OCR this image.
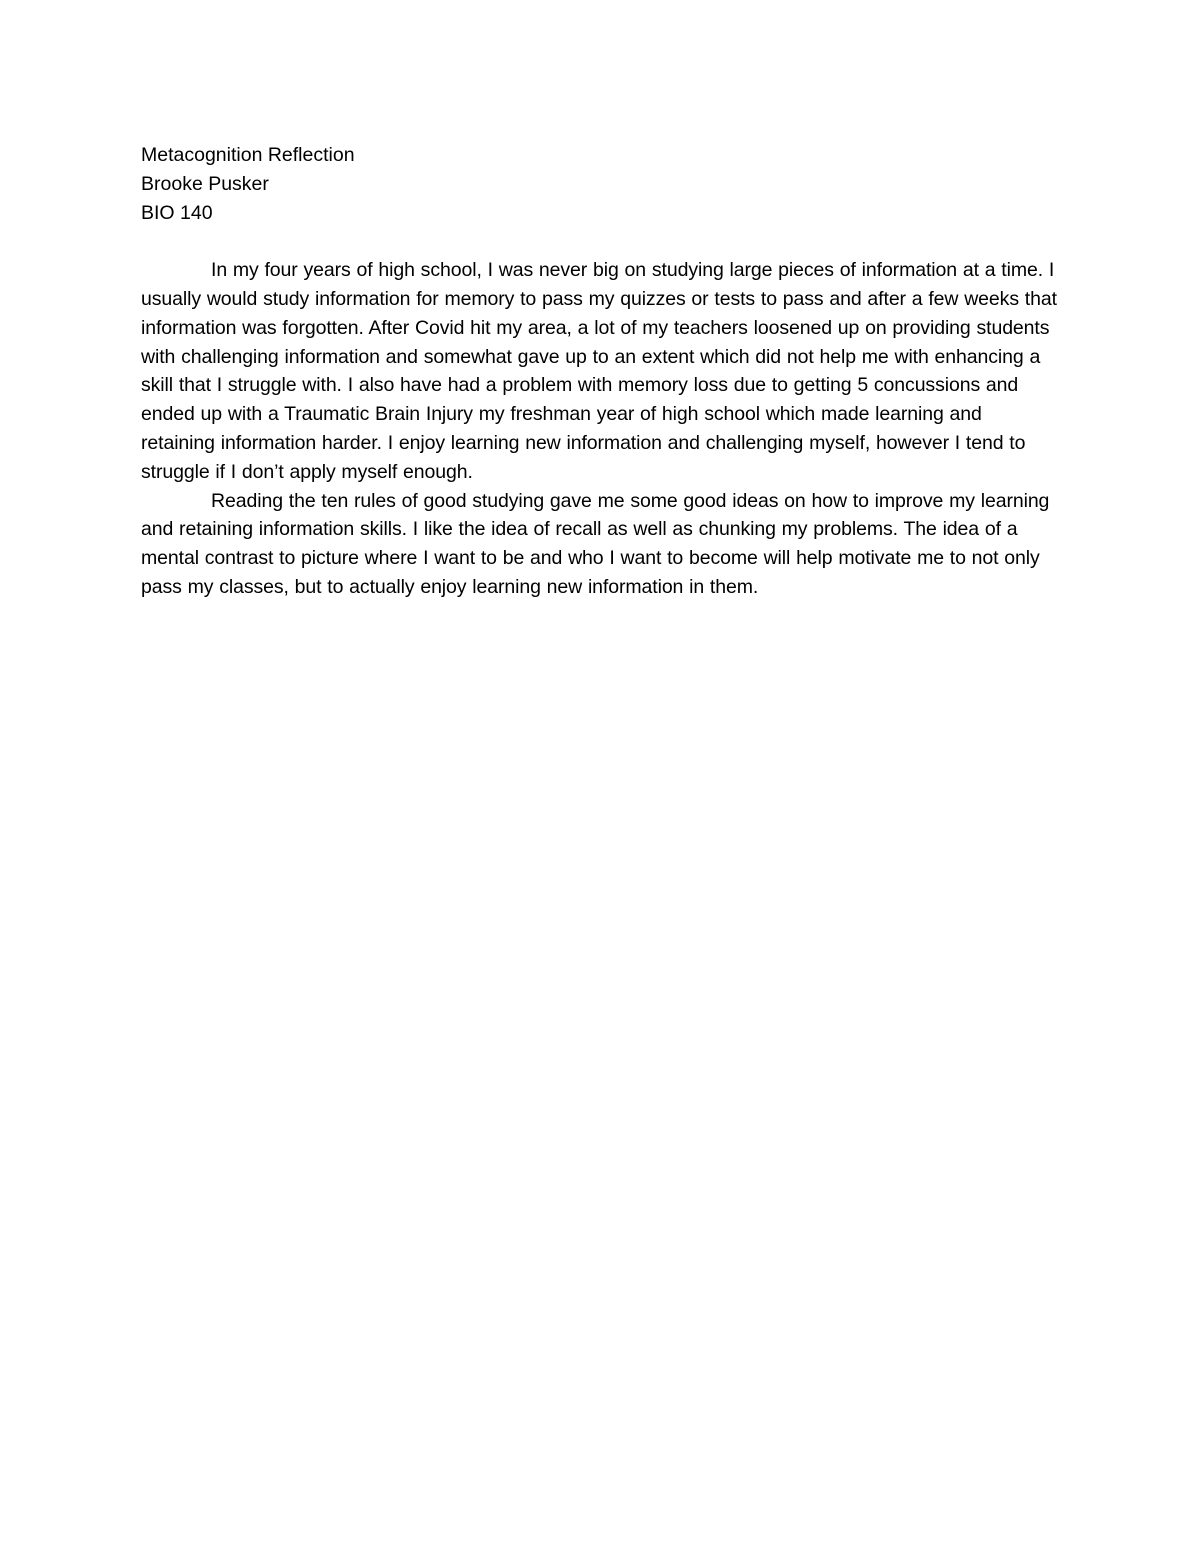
Metacognition Reflection

Brooke Pusker

BIO 140

In my four years of high school, I was never big on studying large pieces of information at a time. I usually would study information for memory to pass my quizzes or tests to pass and after a few weeks that information was forgotten. After Covid hit my area, a lot of my teachers loosened up on providing students with challenging information and somewhat gave up to an extent which did not help me with enhancing a skill that I struggle with. I also have had a problem with memory loss due to getting 5 concussions and ended up with a Traumatic Brain Injury my freshman year of high school which made learning and retaining information harder. I enjoy learning new information and challenging myself, however I tend to struggle if I don’t apply myself enough.

Reading the ten rules of good studying gave me some good ideas on how to improve my learning and retaining information skills. I like the idea of recall as well as chunking my problems. The idea of a mental contrast to picture where I want to be and who I want to become will help motivate me to not only pass my classes, but to actually enjoy learning new information in them.
